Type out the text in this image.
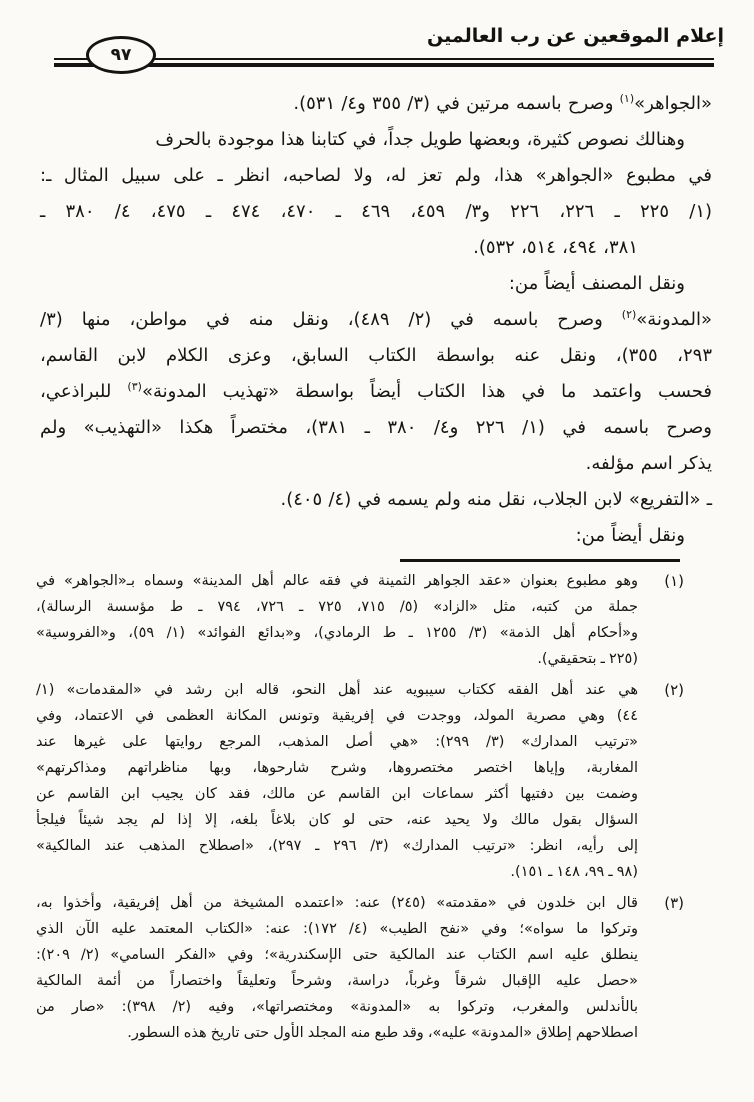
إعلام الموقعين عن رب العالمين
٩٧
«الجواهر»$^{(١)}$ وصرح باسمه مرتين في (٣/ ٣٥٥ و٤/ ٥٣١).
وهنالك نصوص كثيرة، وبعضها طويل جداً، في كتابنا هذا موجودة بالحرف
في مطبوع «الجواهر» هذا، ولم تعز له، ولا لصاحبه، انظر ـ على سبيل المثال ـ:
(١/ ٢٢٥ ـ ٢٢٦، ٢٢٦ و٣/ ٤٥٩، ٤٦٩ ـ ٤٧٠، ٤٧٤ ـ ٤٧٥، ٤/ ٣٨٠ ـ
٣٨١، ٤٩٤، ٥١٤، ٥٣٢).
ونقل المصنف أيضاً من:
«المدونة»$^{(٢)}$ وصرح باسمه في (٢/ ٤٨٩)، ونقل منه في مواطن، منها (٣/
٢٩٣، ٣٥٥)، ونقل عنه بواسطة الكتاب السابق، وعزى الكلام لابن القاسم،
فحسب واعتمد ما في هذا الكتاب أيضاً بواسطة «تهذيب المدونة»$^{(٣)}$ للبراذعي،
وصرح باسمه في (١/ ٢٢٦ و٤/ ٣٨٠ ـ ٣٨١)، مختصراً هكذا «التهذيب» ولم
يذكر اسم مؤلفه.
ـ «التفريع» لابن الجلاب، نقل منه ولم يسمه في (٤/ ٤٠٥).
ونقل أيضاً من:
(١)
وهو مطبوع بعنوان «عقد الجواهر الثمينة في فقه عالم أهل المدينة» وسماه بـ«الجواهر» في
جملة من كتبه، مثل «الزاد» (٥/ ٧١٥، ٧٢٥ ـ ٧٢٦، ٧٩٤ ـ ط مؤسسة الرسالة)،
و«أحكام أهل الذمة» (٣/ ١٢٥٥ ـ ط الرمادي)، و«بدائع الفوائد» (١/ ٥٩)، و«الفروسية»
(٢٢٥ ـ بتحقيقي).
(٢)
هي عند أهل الفقه ككتاب سيبويه عند أهل النحو، قاله ابن رشد في «المقدمات» (١/
٤٤) وهي مصرية المولد، ووجدت في إفريقية وتونس المكانة العظمى في الاعتماد، وفي
«ترتيب المدارك» (٣/ ٢٩٩): «هي أصل المذهب، المرجع روايتها على غيرها عند
المغاربة، وإياها اختصر مختصروها، وشرح شارحوها، وبها مناظراتهم ومذاكرتهم»
وضمت بين دفتيها أكثر سماعات ابن القاسم عن مالك، فقد كان يجيب ابن القاسم عن
السؤال بقول مالك ولا يحيد عنه، حتى لو كان بلاغاً بلغه، إلا إذا لم يجد شيئاً فيلجأ
إلى رأيه، انظر: «ترتيب المدارك» (٣/ ٢٩٦ ـ ٢٩٧)، «اصطلاح المذهب عند المالكية»
(٩٨ ـ ٩٩، ١٤٨ ـ ١٥١).
(٣)
قال ابن خلدون في «مقدمته» (٢٤٥) عنه: «اعتمده المشيخة من أهل إفريقية، وأخذوا به،
وتركوا ما سواه»؛ وفي «نفح الطيب» (٤/ ١٧٢): عنه: «الكتاب المعتمد عليه الآن الذي
ينطلق عليه اسم الكتاب عند المالكية حتى الإسكندرية»؛ وفي «الفكر السامي» (٢/ ٢٠٩):
«حصل عليه الإقبال شرقاً وغرباً، دراسة، وشرحاً وتعليقاً واختصاراً من أئمة المالكية
بالأندلس والمغرب، وتركوا به «المدونة» ومختصراتها»، وفيه (٢/ ٣٩٨): «صار من
اصطلاحهم إطلاق «المدونة» عليه»، وقد طبع منه المجلد الأول حتى تاريخ هذه السطور.
